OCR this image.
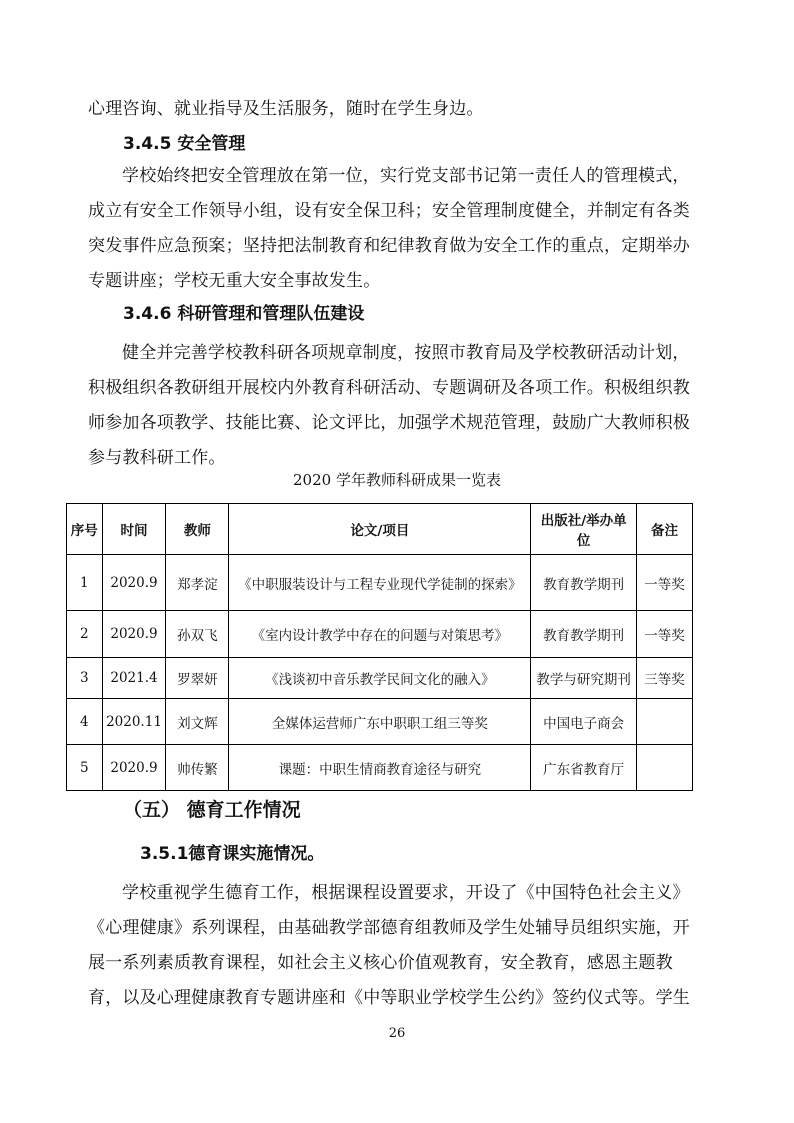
心理咨询、就业指导及生活服务，随时在学生身边。

3.4.5 安全管理

学校始终把安全管理放在第一位，实行党支部书记第一责任人的管理模式，成立有安全工作领导小组，设有安全保卫科；安全管理制度健全，并制定有各类突发事件应急预案；坚持把法制教育和纪律教育做为安全工作的重点，定期举办专题讲座；学校无重大安全事故发生。

3.4.6 科研管理和管理队伍建设

健全并完善学校教科研各项规章制度，按照市教育局及学校教研活动计划，积极组织各教研组开展校内外教育科研活动、专题调研及各项工作。积极组织教师参加各项教学、技能比赛、论文评比，加强学术规范管理，鼓励广大教师积极参与教科研工作。

2020 学年教师科研成果一览表

序号	时间	教师	论文/项目	出版社/举办单位	备注
1	2020.9	郑孝淀	《中职服装设计与工程专业现代学徒制的探索》	教育教学期刊	一等奖
2	2020.9	孙双飞	《室内设计教学中存在的问题与对策思考》	教育教学期刊	一等奖
3	2021.4	罗翠妍	《浅谈初中音乐教学民间文化的融入》	教学与研究期刊	三等奖
4	2020.11	刘文辉	全媒体运营师广东中职职工组三等奖	中国电子商会	
5	2020.9	帅传繁	课题：中职生情商教育途径与研究	广东省教育厅	

（五） 德育工作情况

3.5.1德育课实施情况。

学校重视学生德育工作，根据课程设置要求，开设了《中国特色社会主义》《心理健康》系列课程，由基础教学部德育组教师及学生处辅导员组织实施，开展一系列素质教育课程，如社会主义核心价值观教育，安全教育，感恩主题教育，以及心理健康教育专题讲座和《中等职业学校学生公约》签约仪式等。学生

26
